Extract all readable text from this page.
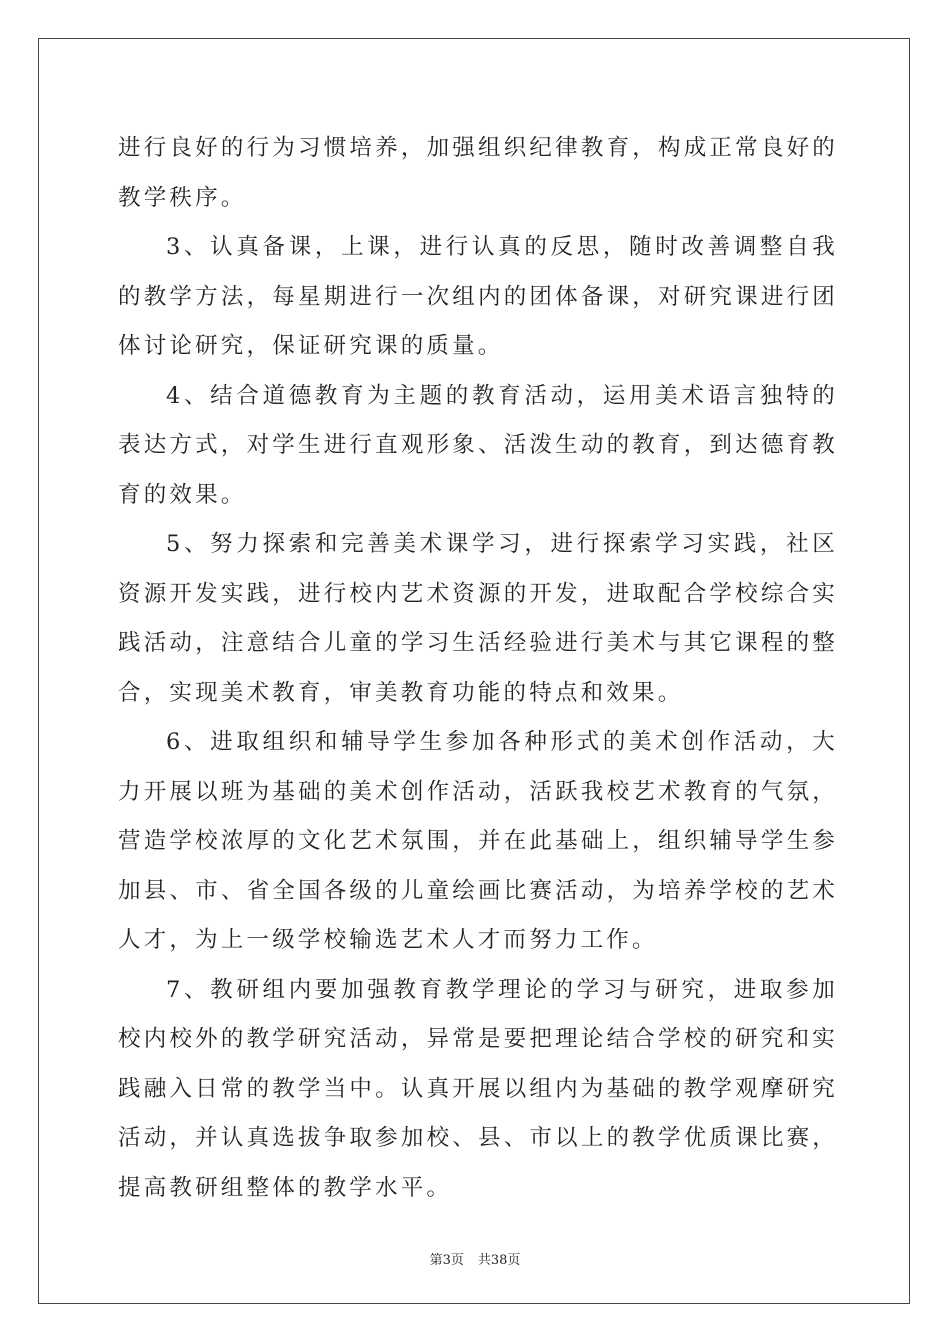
进行良好的行为习惯培养，加强组织纪律教育，构成正常良好的教学秩序。

3、认真备课，上课，进行认真的反思，随时改善调整自我的教学方法，每星期进行一次组内的团体备课，对研究课进行团体讨论研究，保证研究课的质量。

4、结合道德教育为主题的教育活动，运用美术语言独特的表达方式，对学生进行直观形象、活泼生动的教育，到达德育教育的效果。

5、努力探索和完善美术课学习，进行探索学习实践，社区资源开发实践，进行校内艺术资源的开发，进取配合学校综合实践活动，注意结合儿童的学习生活经验进行美术与其它课程的整合，实现美术教育，审美教育功能的特点和效果。

6、进取组织和辅导学生参加各种形式的美术创作活动，大力开展以班为基础的美术创作活动，活跃我校艺术教育的气氛，营造学校浓厚的文化艺术氛围，并在此基础上，组织辅导学生参加县、市、省全国各级的儿童绘画比赛活动，为培养学校的艺术人才，为上一级学校输选艺术人才而努力工作。

7、教研组内要加强教育教学理论的学习与研究，进取参加校内校外的教学研究活动，异常是要把理论结合学校的研究和实践融入日常的教学当中。认真开展以组内为基础的教学观摩研究活动，并认真选拔争取参加校、县、市以上的教学优质课比赛，提高教研组整体的教学水平。

第3页 共38页
